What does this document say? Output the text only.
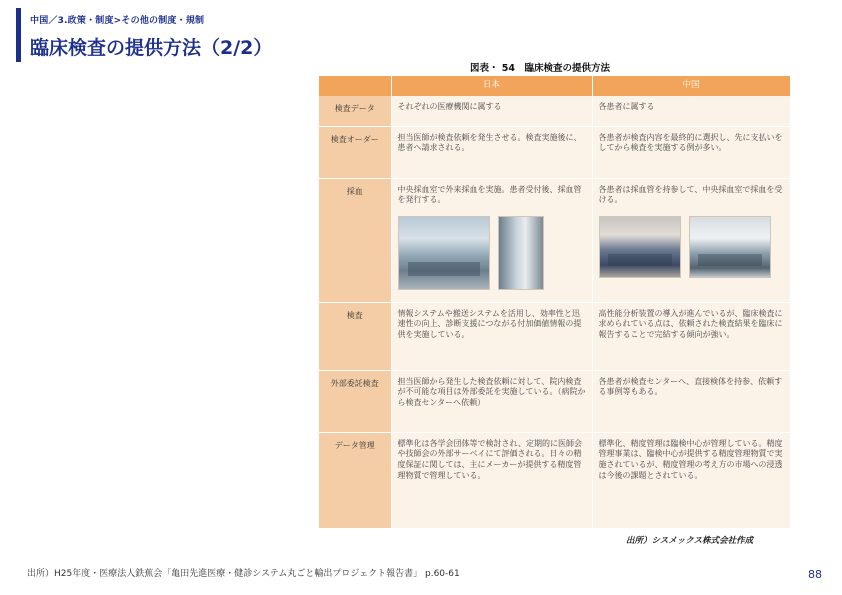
中国／3.政策・制度>その他の制度・規制
臨床検査の提供方法（2/2）
図表・ 54　臨床検査の提供方法
	日本	中国
検査データ	それぞれの医療機関に属する	各患者に属する
検査オーダー	担当医師が検査依頼を発生させる。検査実施後に、患者へ請求される。	各患者が検査内容を最終的に選択し、先に支払いをしてから検査を実施する例が多い。
採血	中央採血室で外来採血を実施。患者受付後、採血管を発行する。	各患者は採血管を持参して、中央採血室で採血を受ける。

検査	情報システムや搬送システムを活用し、効率性と迅速性の向上、診断支援につながる付加価値情報の提供を実施している。	高性能分析装置の導入が進んでいるが、臨床検査に求められている点は、依頼された検査結果を臨床に報告することで完結する傾向が強い。
外部委託検査	担当医師から発生した検査依頼に対して、院内検査が不可能な項目は外部委託を実施している。（病院から検査センターへ依頼）	各患者が検査センターへ、直接検体を持参、依頼する事例等もある。
データ管理	標準化は各学会団体等で検討され、定期的に医師会や技師会の外部サーベイにて評価される。日々の精度保証に関しては、主にメーカーが提供する精度管理物質で管理している。	標準化、精度管理は臨検中心が管理している。精度管理事業は、臨検中心が提供する精度管理物質で実施されているが、精度管理の考え方の市場への浸透は今後の課題とされている。
出所）シスメックス株式会社作成
出所）H25年度・医療法人鉄蕉会「亀田先進医療・健診システム丸ごと輸出プロジェクト報告書」 p.60-61	88
